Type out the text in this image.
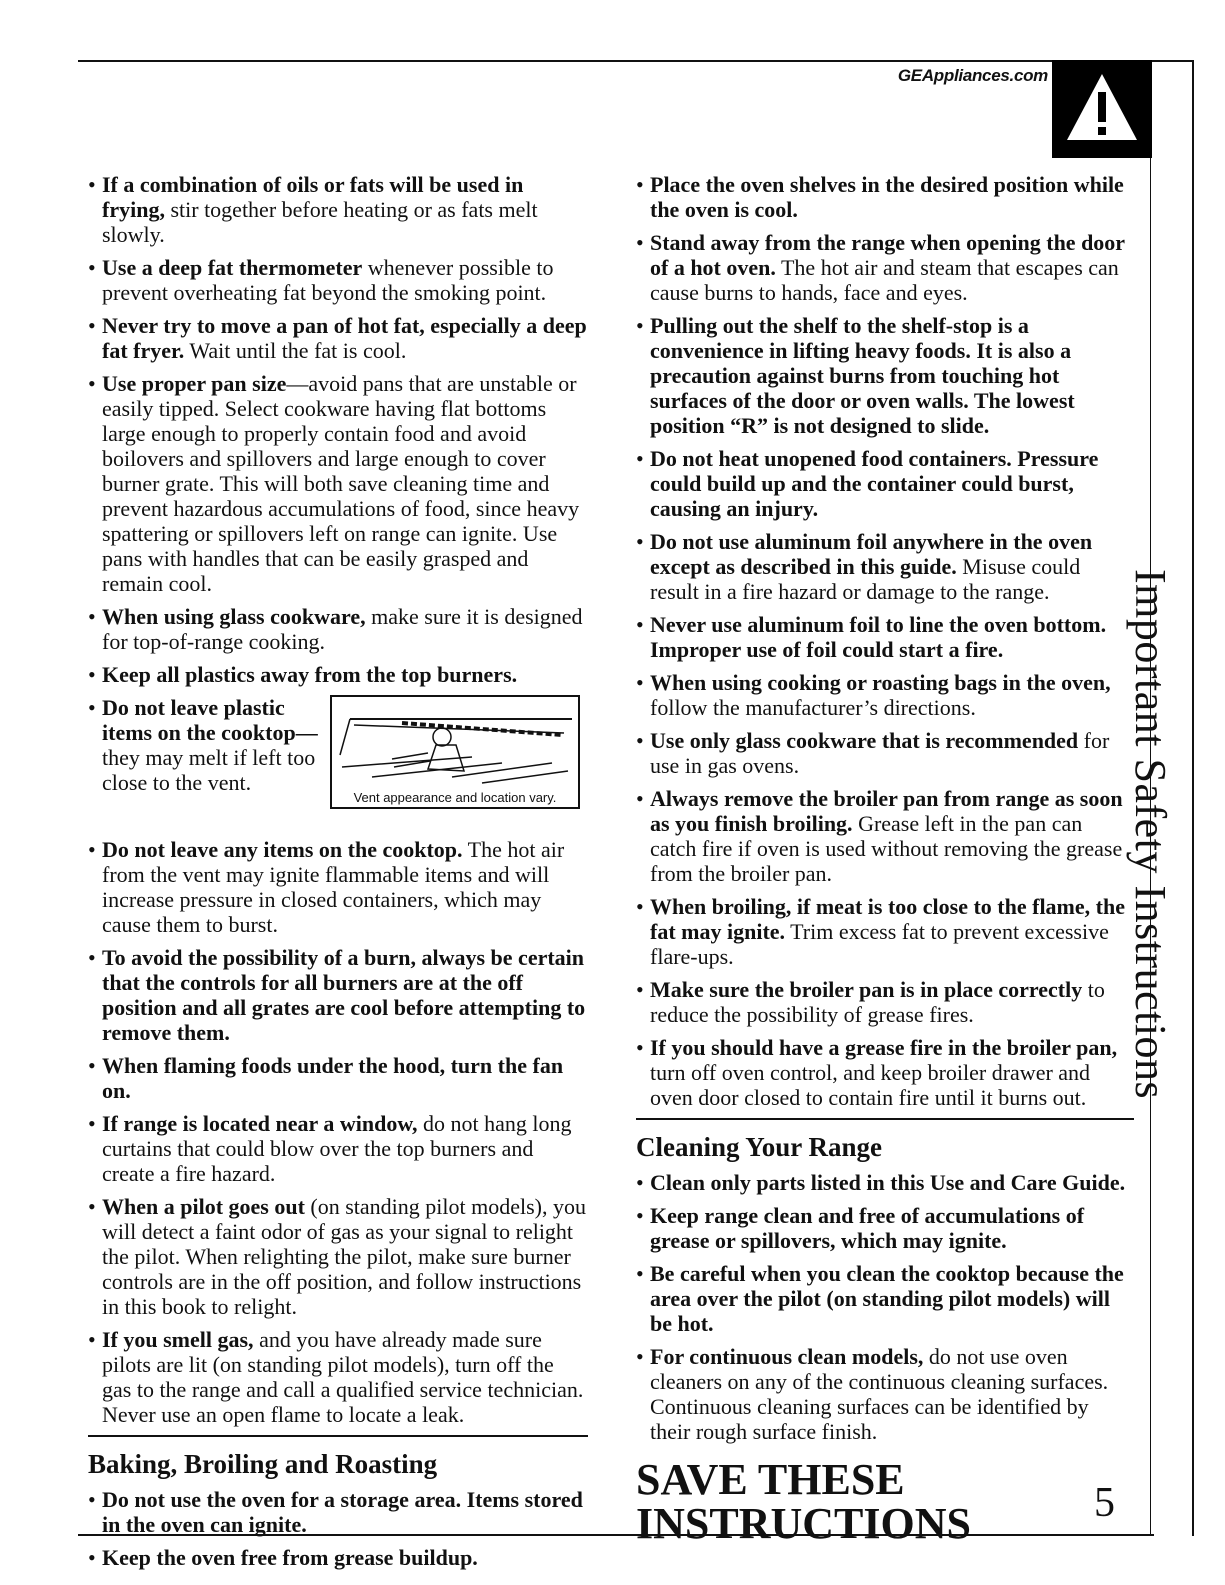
GEAppliances.com
Important Safety Instructions
• If a combination of oils or fats will be used in frying, stir together before heating or as fats melt slowly.
• Use a deep fat thermometer whenever possible to prevent overheating fat beyond the smoking point.
• Never try to move a pan of hot fat, especially a deep fat fryer. Wait until the fat is cool.
• Use proper pan size—avoid pans that are unstable or easily tipped. Select cookware having flat bottoms large enough to properly contain food and avoid boilovers and spillovers and large enough to cover burner grate. This will both save cleaning time and prevent hazardous accumulations of food, since heavy spattering or spillovers left on range can ignite. Use pans with handles that can be easily grasped and remain cool.
• When using glass cookware, make sure it is designed for top-of-range cooking.
• Keep all plastics away from the top burners.
• Do not leave plastic items on the cooktop— they may melt if left too close to the vent.
Vent appearance and location vary.
• Do not leave any items on the cooktop. The hot air from the vent may ignite flammable items and will increase pressure in closed containers, which may cause them to burst.
• To avoid the possibility of a burn, always be certain that the controls for all burners are at the off position and all grates are cool before attempting to remove them.
• When flaming foods under the hood, turn the fan on.
• If range is located near a window, do not hang long curtains that could blow over the top burners and create a fire hazard.
• When a pilot goes out (on standing pilot models), you will detect a faint odor of gas as your signal to relight the pilot. When relighting the pilot, make sure burner controls are in the off position, and follow instructions in this book to relight.
• If you smell gas, and you have already made sure pilots are lit (on standing pilot models), turn off the gas to the range and call a qualified service technician. Never use an open flame to locate a leak.
Baking, Broiling and Roasting
• Do not use the oven for a storage area. Items stored in the oven can ignite.
• Keep the oven free from grease buildup.
• Place the oven shelves in the desired position while the oven is cool.
• Stand away from the range when opening the door of a hot oven. The hot air and steam that escapes can cause burns to hands, face and eyes.
• Pulling out the shelf to the shelf-stop is a convenience in lifting heavy foods. It is also a precaution against burns from touching hot surfaces of the door or oven walls. The lowest position “R” is not designed to slide.
• Do not heat unopened food containers. Pressure could build up and the container could burst, causing an injury.
• Do not use aluminum foil anywhere in the oven except as described in this guide. Misuse could result in a fire hazard or damage to the range.
• Never use aluminum foil to line the oven bottom. Improper use of foil could start a fire.
• When using cooking or roasting bags in the oven, follow the manufacturer’s directions.
• Use only glass cookware that is recommended for use in gas ovens.
• Always remove the broiler pan from range as soon as you finish broiling. Grease left in the pan can catch fire if oven is used without removing the grease from the broiler pan.
• When broiling, if meat is too close to the flame, the fat may ignite. Trim excess fat to prevent excessive flare-ups.
• Make sure the broiler pan is in place correctly to reduce the possibility of grease fires.
• If you should have a grease fire in the broiler pan, turn off oven control, and keep broiler drawer and oven door closed to contain fire until it burns out.
Cleaning Your Range
• Clean only parts listed in this Use and Care Guide.
• Keep range clean and free of accumulations of grease or spillovers, which may ignite.
• Be careful when you clean the cooktop because the area over the pilot (on standing pilot models) will be hot.
• For continuous clean models, do not use oven cleaners on any of the continuous cleaning surfaces. Continuous cleaning surfaces can be identified by their rough surface finish.
SAVE THESE
INSTRUCTIONS	5
